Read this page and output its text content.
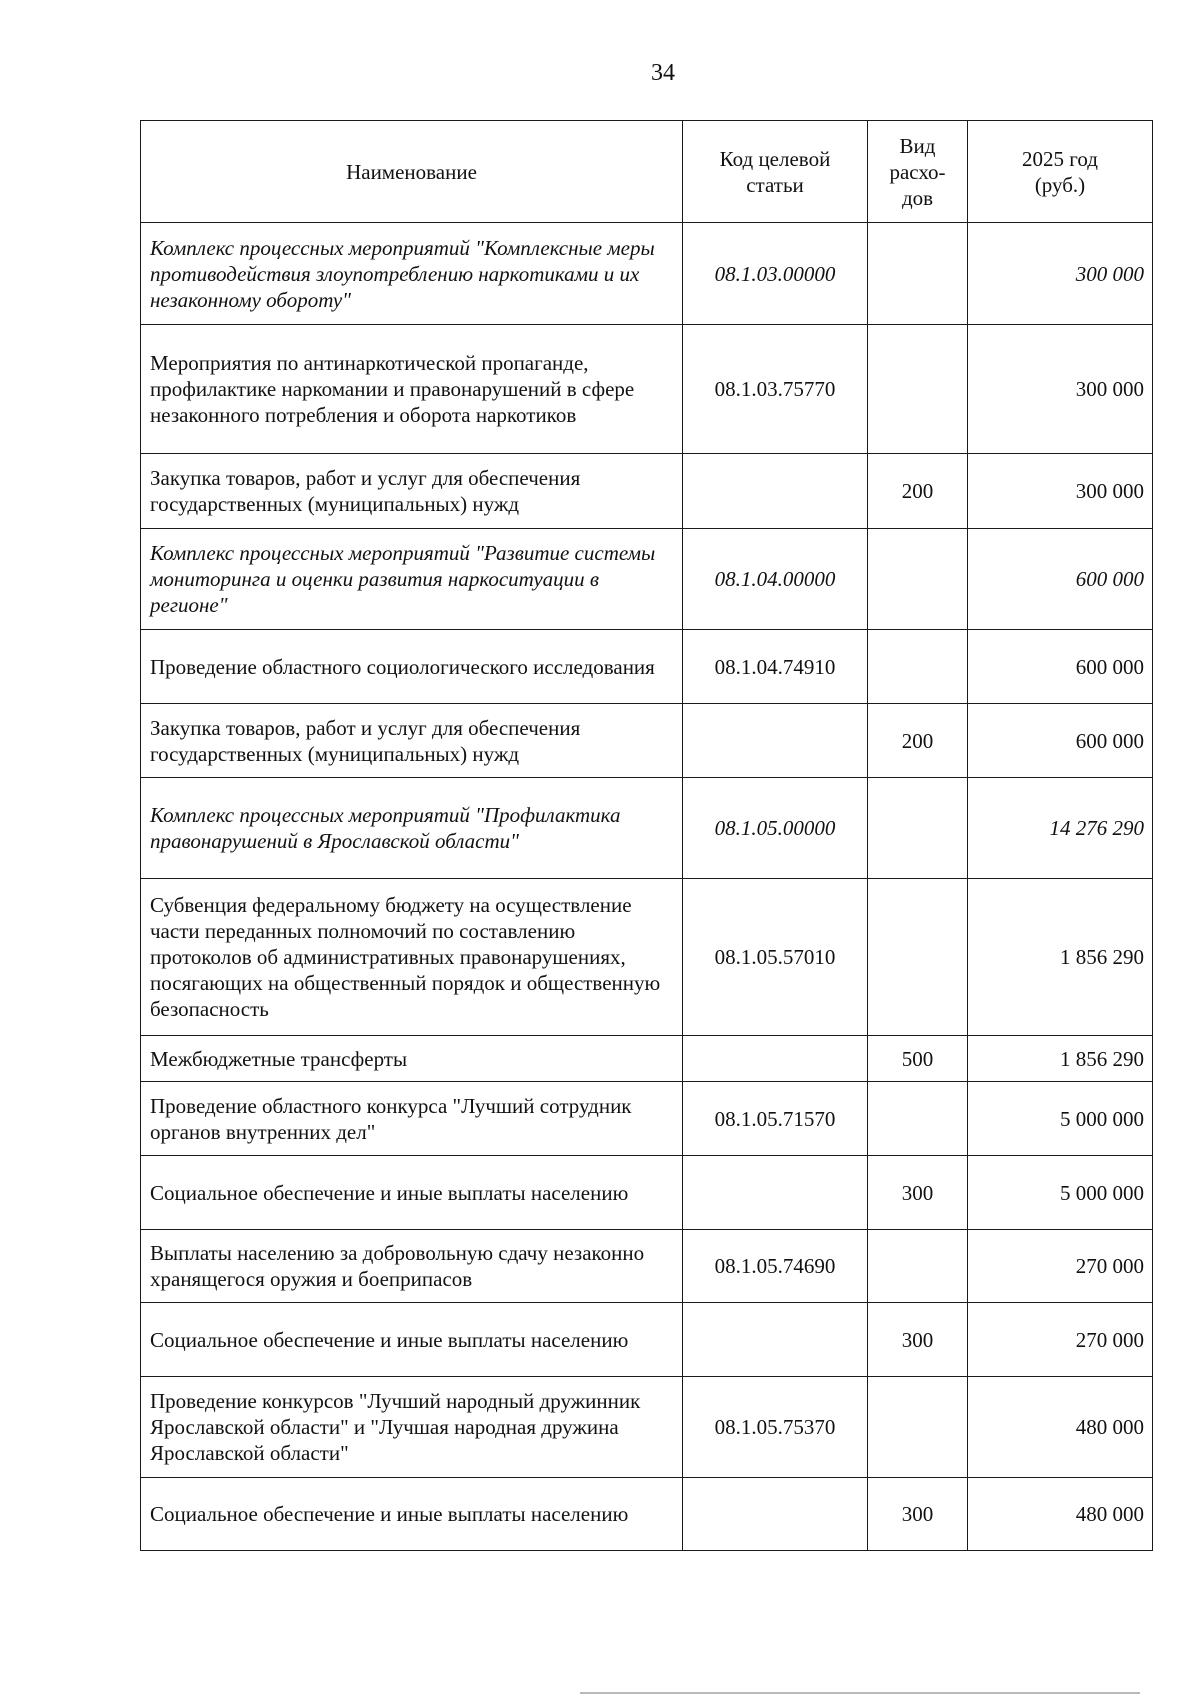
34
Наименование	Код целевой статьи	Вид расхо-дов	2025 год (руб.)
Комплекс процессных мероприятий "Комплексные меры противодействия злоупотреблению наркотиками и их незаконному обороту"	08.1.03.00000		300 000
Мероприятия по антинаркотической пропаганде, профилактике наркомании и правонарушений в сфере незаконного потребления и оборота наркотиков	08.1.03.75770		300 000
Закупка товаров, работ и услуг для обеспечения государственных (муниципальных) нужд		200	300 000
Комплекс процессных мероприятий "Развитие системы мониторинга и оценки развития наркоситуации в регионе"	08.1.04.00000		600 000
Проведение областного социологического исследования	08.1.04.74910		600 000
Закупка товаров, работ и услуг для обеспечения государственных (муниципальных) нужд		200	600 000
Комплекс процессных мероприятий "Профилактика правонарушений в Ярославской области"	08.1.05.00000		14 276 290
Субвенция федеральному бюджету на осуществление части переданных полномочий по составлению протоколов об административных правонарушениях, посягающих на общественный порядок и общественную безопасность	08.1.05.57010		1 856 290
Межбюджетные трансферты		500	1 856 290
Проведение областного конкурса "Лучший сотрудник органов внутренних дел"	08.1.05.71570		5 000 000
Социальное обеспечение и иные выплаты населению		300	5 000 000
Выплаты населению за добровольную сдачу незаконно хранящегося оружия и боеприпасов	08.1.05.74690		270 000
Социальное обеспечение и иные выплаты населению		300	270 000
Проведение конкурсов "Лучший народный дружинник Ярославской области" и "Лучшая народная дружина Ярославской области"	08.1.05.75370		480 000
Социальное обеспечение и иные выплаты населению		300	480 000
